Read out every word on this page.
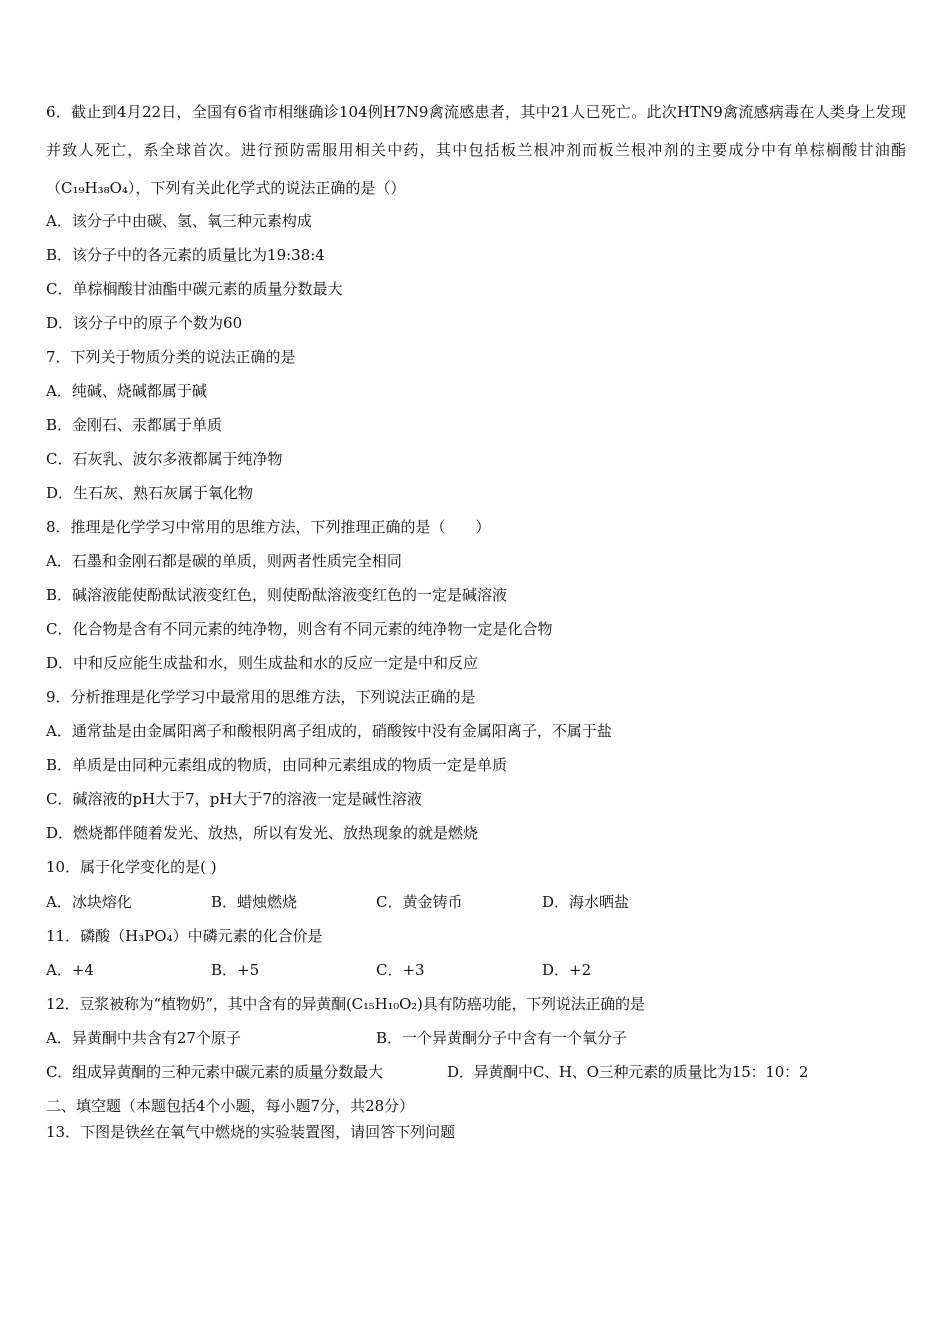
6．截止到4月22日，全国有6省市相继确诊104例H7N9禽流感患者，其中21人已死亡。此次HTN9禽流感病毒在人类身上发现并致人死亡，系全球首次。进行预防需服用相关中药，其中包括板兰根冲剂而板兰根冲剂的主要成分中有单棕榈酸甘油酯（C₁₉H₃₈O₄），下列有关此化学式的说法正确的是（）
A．该分子中由碳、氢、氧三种元素构成
B．该分子中的各元素的质量比为19:38:4
C．单棕榈酸甘油酯中碳元素的质量分数最大
D．该分子中的原子个数为60
7．下列关于物质分类的说法正确的是
A．纯碱、烧碱都属于碱
B．金刚石、汞都属于单质
C．石灰乳、波尔多液都属于纯净物
D．生石灰、熟石灰属于氧化物
8．推理是化学学习中常用的思维方法，下列推理正确的是（　　）
A．石墨和金刚石都是碳的单质，则两者性质完全相同
B．碱溶液能使酚酞试液变红色，则使酚酞溶液变红色的一定是碱溶液
C．化合物是含有不同元素的纯净物，则含有不同元素的纯净物一定是化合物
D．中和反应能生成盐和水，则生成盐和水的反应一定是中和反应
9．分析推理是化学学习中最常用的思维方法，下列说法正确的是
A．通常盐是由金属阳离子和酸根阴离子组成的，硝酸铵中没有金属阳离子，不属于盐
B．单质是由同种元素组成的物质，由同种元素组成的物质一定是单质
C．碱溶液的pH大于7，pH大于7的溶液一定是碱性溶液
D．燃烧都伴随着发光、放热，所以有发光、放热现象的就是燃烧
10．属于化学变化的是( )
A．冰块熔化	B．蜡烛燃烧	C．黄金铸币	D．海水晒盐
11．磷酸（H₃PO₄）中磷元素的化合价是
A．+4	B．+5	C．+3	D．+2
12．豆浆被称为“植物奶”，其中含有的异黄酮(C₁₅H₁₀O₂)具有防癌功能，下列说法正确的是
A．异黄酮中共含有27个原子	B．一个异黄酮分子中含有一个氧分子
C．组成异黄酮的三种元素中碳元素的质量分数最大	D．异黄酮中C、H、O三种元素的质量比为15：10：2
二、填空题（本题包括4个小题，每小题7分，共28分）
13．下图是铁丝在氧气中燃烧的实验装置图，请回答下列问题
